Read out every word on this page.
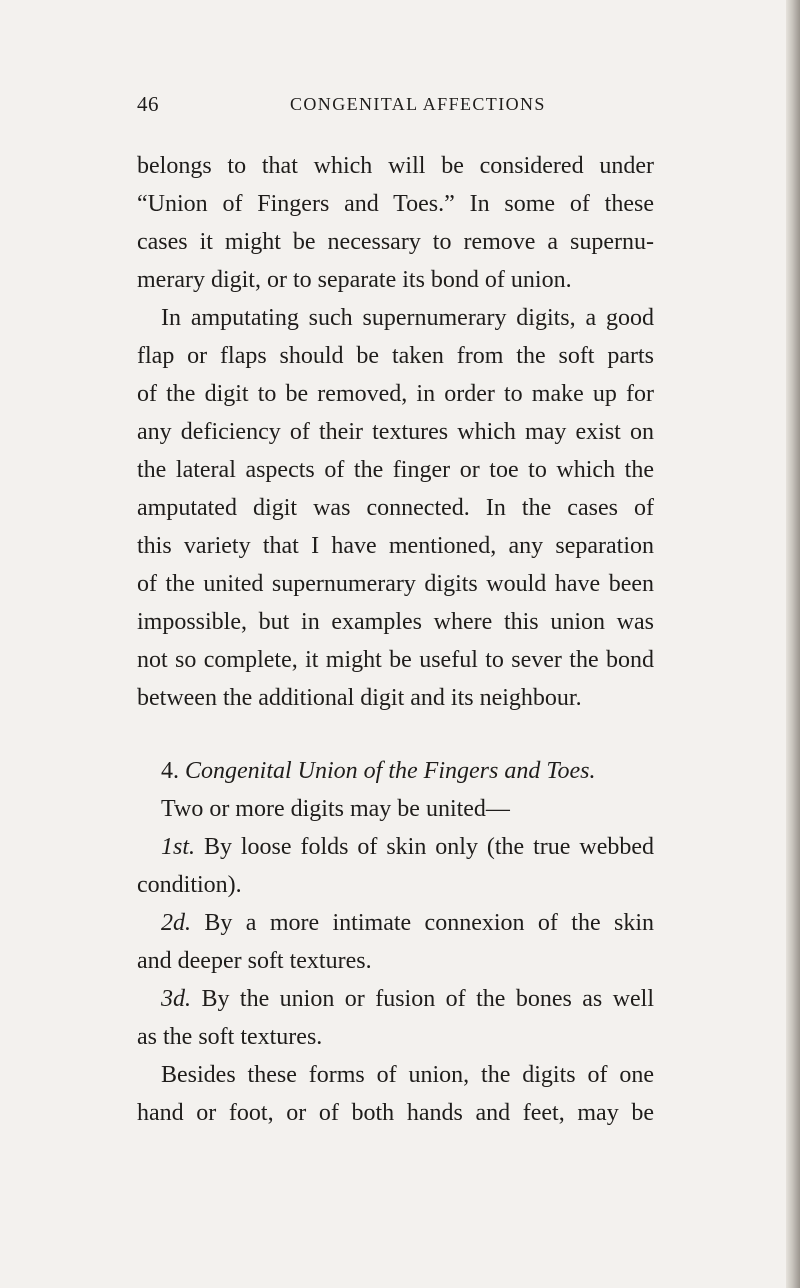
46	CONGENITAL AFFECTIONS
belongs to that which will be considered under
“Union of Fingers and Toes.” In some of these
cases it might be necessary to remove a supernu-
merary digit, or to separate its bond of union.
In amputating such supernumerary digits, a good
flap or flaps should be taken from the soft parts
of the digit to be removed, in order to make up for
any deficiency of their textures which may exist on
the lateral aspects of the finger or toe to which the
amputated digit was connected. In the cases of
this variety that I have mentioned, any separation
of the united supernumerary digits would have been
impossible, but in examples where this union was
not so complete, it might be useful to sever the bond
between the additional digit and its neighbour.
4. Congenital Union of the Fingers and Toes.
Two or more digits may be united—
1st. By loose folds of skin only (the true webbed
condition).
2d. By a more intimate connexion of the skin
and deeper soft textures.
3d. By the union or fusion of the bones as well
as the soft textures.
Besides these forms of union, the digits of one
hand or foot, or of both hands and feet, may be
